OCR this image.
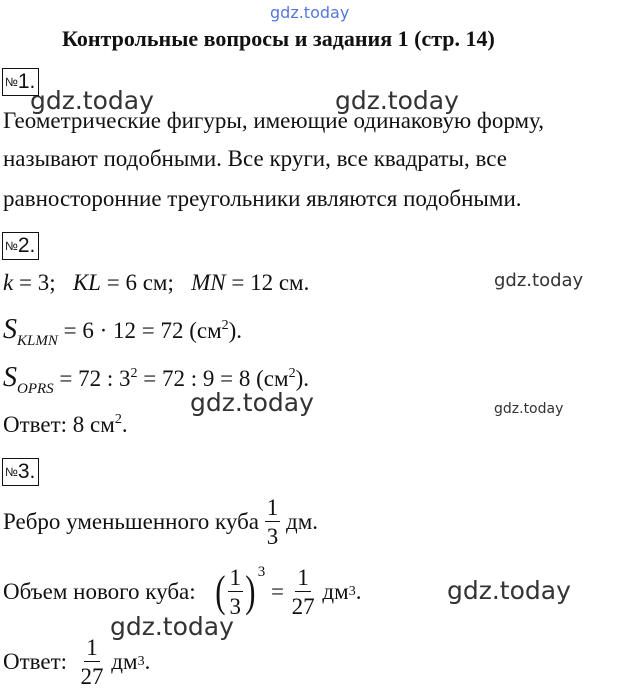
gdz.today
gdz.today	gdz.today
gdz.today
gdz.today	gdz.today
gdz.today
gdz.today
Контрольные вопросы и задания 1 (стр. 14)
№1.
Геометрические фигуры, имеющие одинаковую форму,
называют подобными. Все круги, все квадраты, все
равносторонние треугольники являются подобными.
№2.
k = 3; KL = 6 см; MN = 12 см.
$S_{KLMN} = 6 \cdot 12 = 72$ $(см^2)$.
$S_{OPRS} = 72$ : $3^2 = 72$ : 9 = 8 $(см^2)$.
Ответ: 8 $см^2$.
№3.
Ребро уменьшенного куба
$\frac{1}{3}$
дм.
Объем нового куба:
( $\frac{1}{3}$ ) 3

=
$\frac{1}{27}$
дм 3 .
Ответ:
$\frac{1}{27}$
дм 3 .
